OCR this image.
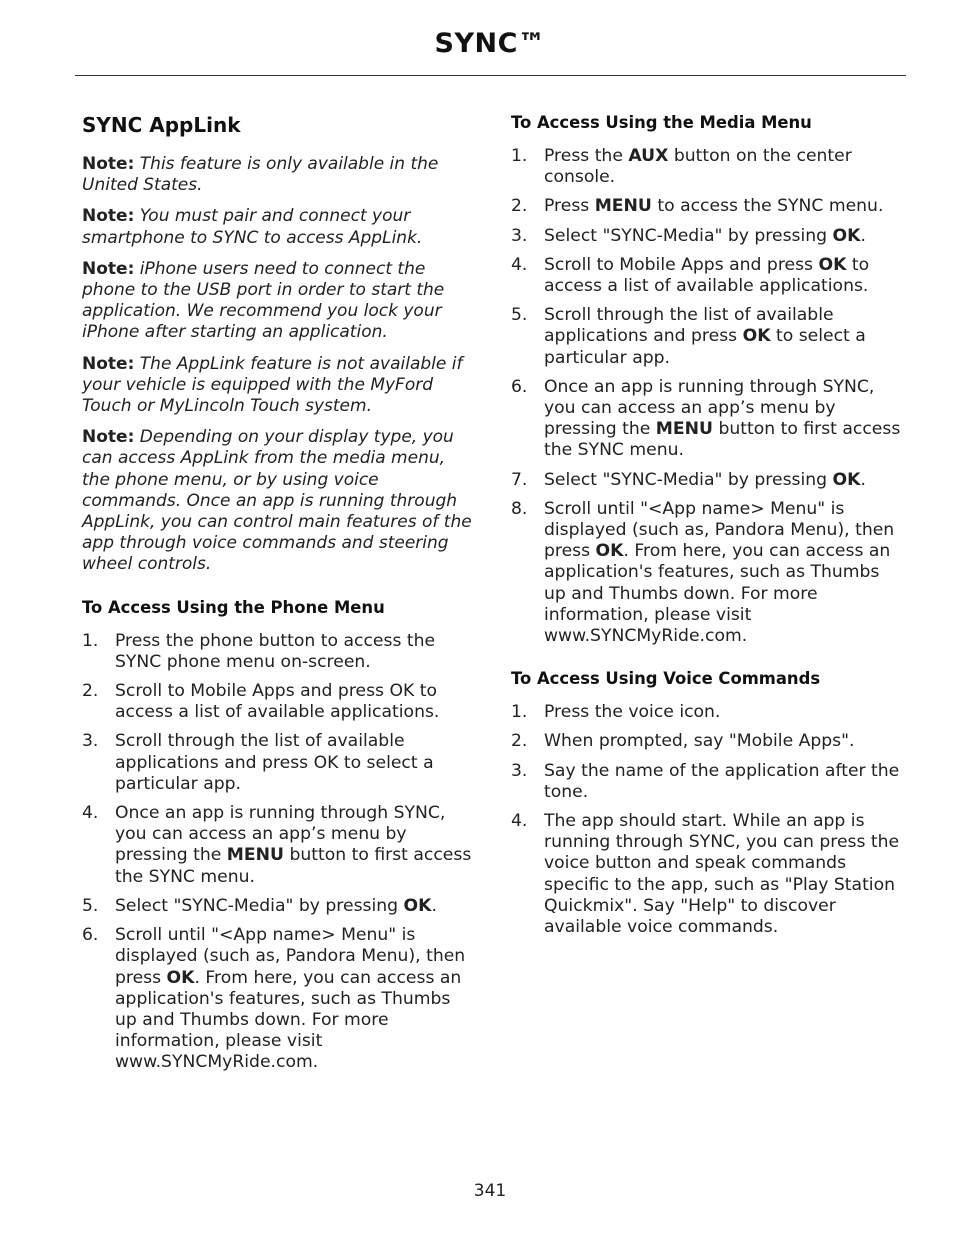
SYNC™
SYNC AppLink

Note: This feature is only available in the United States.

Note: You must pair and connect your smartphone to SYNC to access AppLink.

Note: iPhone users need to connect the phone to the USB port in order to start the application. We recommend you lock your iPhone after starting an application.

Note: The AppLink feature is not available if your vehicle is equipped with the MyFord Touch or MyLincoln Touch system.

Note: Depending on your display type, you can access AppLink from the media menu, the phone menu, or by using voice commands. Once an app is running through AppLink, you can control main features of the app through voice commands and steering wheel controls.

To Access Using the Phone Menu
1. Press the phone button to access the SYNC phone menu on-screen.
2. Scroll to Mobile Apps and press OK to access a list of available applications.
3. Scroll through the list of available applications and press OK to select a particular app.
4. Once an app is running through SYNC, you can access an app’s menu by pressing the MENU button to first access the SYNC menu.
5. Select "SYNC-Media" by pressing OK.
6. Scroll until "<App name> Menu" is displayed (such as, Pandora Menu), then press OK. From here, you can access an application's features, such as Thumbs up and Thumbs down. For more information, please visit www.SYNCMyRide.com.
To Access Using the Media Menu
1. Press the AUX button on the center console.
2. Press MENU to access the SYNC menu.
3. Select "SYNC-Media" by pressing OK.
4. Scroll to Mobile Apps and press OK to access a list of available applications.
5. Scroll through the list of available applications and press OK to select a particular app.
6. Once an app is running through SYNC, you can access an app’s menu by pressing the MENU button to first access the SYNC menu.
7. Select "SYNC-Media" by pressing OK.
8. Scroll until "<App name> Menu" is displayed (such as, Pandora Menu), then press OK. From here, you can access an application's features, such as Thumbs up and Thumbs down. For more information, please visit www.SYNCMyRide.com.
To Access Using Voice Commands
1. Press the voice icon.
2. When prompted, say "Mobile Apps".
3. Say the name of the application after the tone.
4. The app should start. While an app is running through SYNC, you can press the voice button and speak commands specific to the app, such as "Play Station Quickmix". Say "Help" to discover available voice commands.
341
